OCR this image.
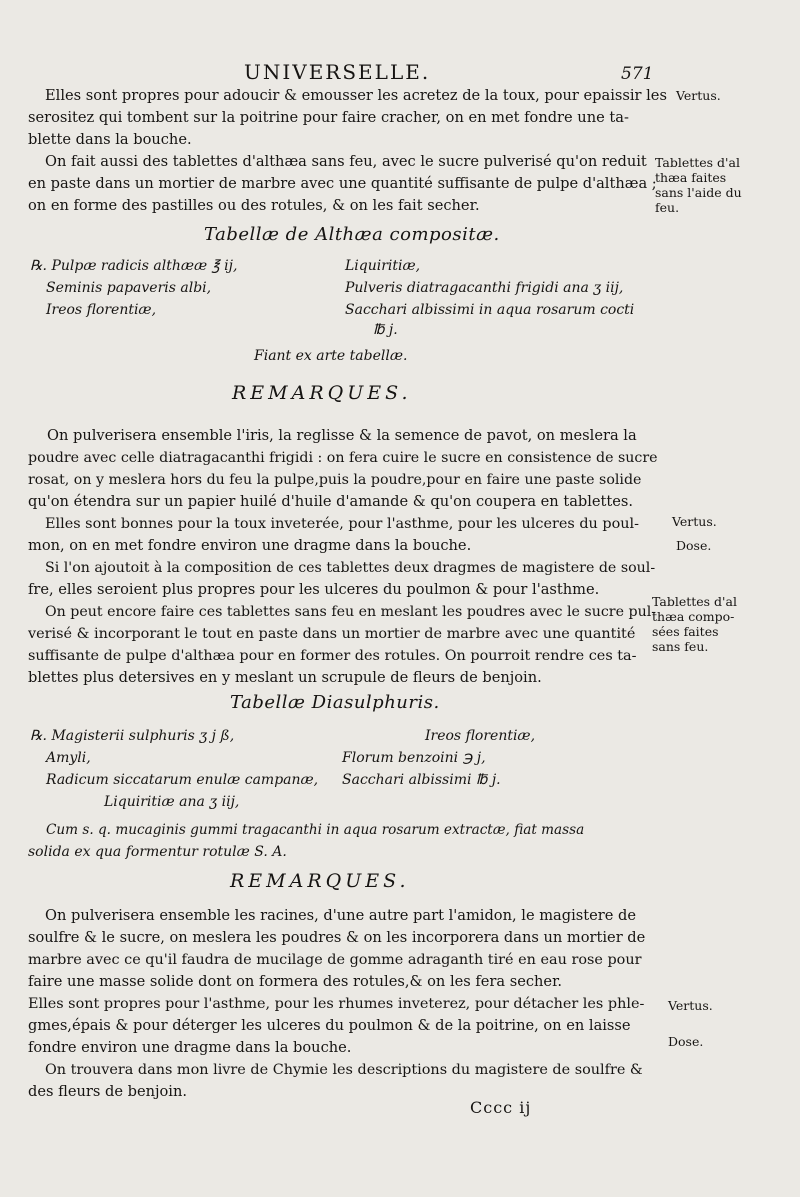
UNIVERSELLE.	571
Vertus.
Tablettes d'al thæa faites sans l'aide du feu.
Vertus.
Dose.
Tablettes d'al thæa compo- sées faites sans feu.
Vertus.
Dose.
Elles sont propres pour adoucir & emousser les acretez de la toux, pour epaissir les
serositez qui tombent sur la poitrine pour faire cracher, on en met fondre une ta-
blette dans la bouche.
On fait aussi des tablettes d'althæa sans feu, avec le sucre pulverisé qu'on reduit
en paste dans un mortier de marbre avec une quantité suffisante de pulpe d'althæa ;
on en forme des pastilles ou des rotules, & on les fait secher.
Tabellæ de Althæa compositæ.
℞. Pulpæ radicis althææ ℥ ij,
Seminis papaveris albi,
Ireos florentiæ,
Liquiritiæ,
Pulveris diatragacanthi frigidi ana ʒ iij,
Sacchari albissimi in aqua rosarum cocti
℔ j.
Fiant ex arte tabellæ.
REMARQUES.
On pulverisera ensemble l'iris, la reglisse & la semence de pavot, on meslera la
poudre avec celle diatragacanthi frigidi : on fera cuire le sucre en consistence de sucre
rosat, on y meslera hors du feu la pulpe,puis la poudre,pour en faire une paste solide
qu'on étendra sur un papier huilé d'huile d'amande & qu'on coupera en tablettes.
Elles sont bonnes pour la toux inveterée, pour l'asthme, pour les ulceres du poul-
mon, on en met fondre environ une dragme dans la bouche.
Si l'on ajoutoit à la composition de ces tablettes deux dragmes de magistere de soul-
fre, elles seroient plus propres pour les ulceres du poulmon & pour l'asthme.
On peut encore faire ces tablettes sans feu en meslant les poudres avec le sucre pul-
verisé & incorporant le tout en paste dans un mortier de marbre avec une quantité
suffisante de pulpe d'althæa pour en former des rotules. On pourroit rendre ces ta-
blettes plus detersives en y meslant un scrupule de fleurs de benjoin.
Tabellæ Diasulphuris.
℞. Magisterii sulphuris ʒ j ß,
Amyli,
Radicum siccatarum enulæ campanæ,
Liquiritiæ ana ʒ iij,
Ireos florentiæ,
Florum benzoini ℈ j,
Sacchari albissimi ℔ j.
Cum s. q. mucaginis gummi tragacanthi in aqua rosarum extractæ, fiat massa
solida ex qua formentur rotulæ S. A.
REMARQUES.
On pulverisera ensemble les racines, d'une autre part l'amidon, le magistere de
soulfre & le sucre, on meslera les poudres & on les incorporera dans un mortier de
marbre avec ce qu'il faudra de mucilage de gomme adraganth tiré en eau rose pour
faire une masse solide dont on formera des rotules,& on les fera secher.
Elles sont propres pour l'asthme, pour les rhumes inveterez, pour détacher les phle-
gmes,épais & pour déterger les ulceres du poulmon & de la poitrine, on en laisse
fondre environ une dragme dans la bouche.
On trouvera dans mon livre de Chymie les descriptions du magistere de soulfre &
des fleurs de benjoin.
Cccc ij
